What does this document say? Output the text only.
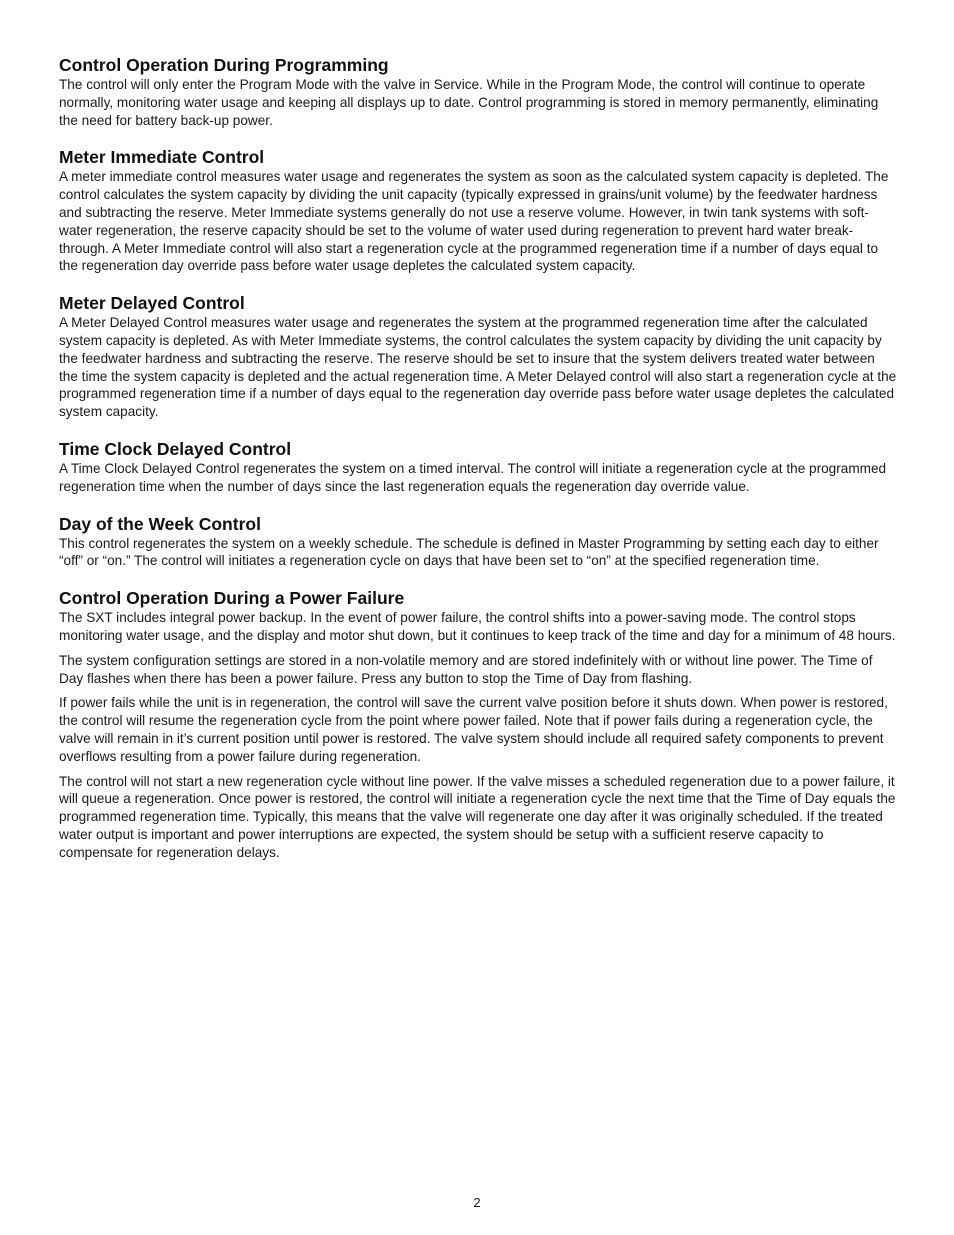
Control Operation During Programming

The control will only enter the Program Mode with the valve in Service. While in the Program Mode, the control will continue to operate normally, monitoring water usage and keeping all displays up to date. Control programming is stored in memory permanently, eliminating the need for battery back-up power.

Meter Immediate Control

A meter immediate control measures water usage and regenerates the system as soon as the calculated system capacity is depleted. The control calculates the system capacity by dividing the unit capacity (typically expressed in grains/unit volume) by the feedwater hardness and subtracting the reserve. Meter Immediate systems generally do not use a reserve volume. However, in twin tank systems with soft-water regeneration, the reserve capacity should be set to the volume of water used during regeneration to prevent hard water break-through. A Meter Immediate control will also start a regeneration cycle at the programmed regeneration time if a number of days equal to the regeneration day override pass before water usage depletes the calculated system capacity.

Meter Delayed Control

A Meter Delayed Control measures water usage and regenerates the system at the programmed regeneration time after the calculated system capacity is depleted. As with Meter Immediate systems, the control calculates the system capacity by dividing the unit capacity by the feedwater hardness and subtracting the reserve. The reserve should be set to insure that the system delivers treated water between the time the system capacity is depleted and the actual regeneration time. A Meter Delayed control will also start a regeneration cycle at the programmed regeneration time if a number of days equal to the regeneration day override pass before water usage depletes the calculated system capacity.

Time Clock Delayed Control

A Time Clock Delayed Control regenerates the system on a timed interval. The control will initiate a regeneration cycle at the programmed regeneration time when the number of days since the last regeneration equals the regeneration day override value.

Day of the Week Control

This control regenerates the system on a weekly schedule. The schedule is defined in Master Programming by setting each day to either “off” or “on.” The control will initiates a regeneration cycle on days that have been set to “on” at the specified regeneration time.

Control Operation During a Power Failure

The SXT includes integral power backup. In the event of power failure, the control shifts into a power-saving mode. The control stops monitoring water usage, and the display and motor shut down, but it continues to keep track of the time and day for a minimum of 48 hours.

The system configuration settings are stored in a non-volatile memory and are stored indefinitely with or without line power. The Time of Day flashes when there has been a power failure. Press any button to stop the Time of Day from flashing.

If power fails while the unit is in regeneration, the control will save the current valve position before it shuts down. When power is restored, the control will resume the regeneration cycle from the point where power failed. Note that if power fails during a regeneration cycle, the valve will remain in it’s current position until power is restored. The valve system should include all required safety components to prevent overflows resulting from a power failure during regeneration.

The control will not start a new regeneration cycle without line power. If the valve misses a scheduled regeneration due to a power failure, it will queue a regeneration. Once power is restored, the control will initiate a regeneration cycle the next time that the Time of Day equals the programmed regeneration time. Typically, this means that the valve will regenerate one day after it was originally scheduled. If the treated water output is important and power interruptions are expected, the system should be setup with a sufficient reserve capacity to compensate for regeneration delays.

2
